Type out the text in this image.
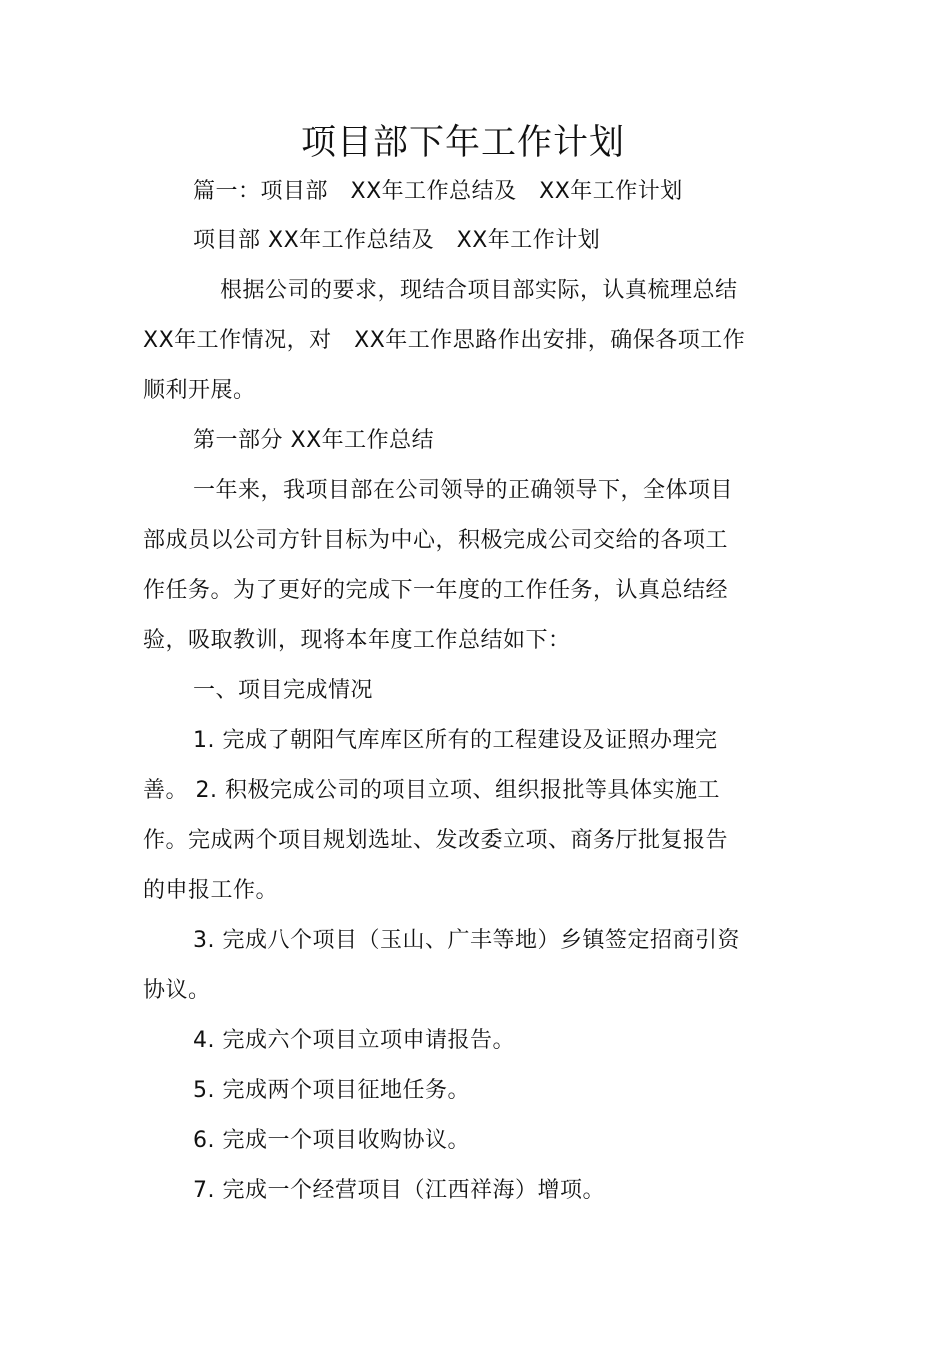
项目部下年工作计划
篇一：项目部　XX年工作总结及　XX年工作计划
项目部 XX年工作总结及　XX年工作计划
根据公司的要求，现结合项目部实际，认真梳理总结
XX年工作情况，对　XX年工作思路作出安排，确保各项工作
顺利开展。
第一部分 XX年工作总结
一年来，我项目部在公司领导的正确领导下，全体项目
部成员以公司方针目标为中心，积极完成公司交给的各项工
作任务。为了更好的完成下一年度的工作任务，认真总结经
验，吸取教训，现将本年度工作总结如下：
一、项目完成情况
1. 完成了朝阳气库库区所有的工程建设及证照办理完
善。 2. 积极完成公司的项目立项、组织报批等具体实施工
作。完成两个项目规划选址、发改委立项、商务厅批复报告
的申报工作。
3. 完成八个项目（玉山、广丰等地）乡镇签定招商引资
协议。
4. 完成六个项目立项申请报告。
5. 完成两个项目征地任务。
6. 完成一个项目收购协议。
7. 完成一个经营项目（江西祥海）增项。
